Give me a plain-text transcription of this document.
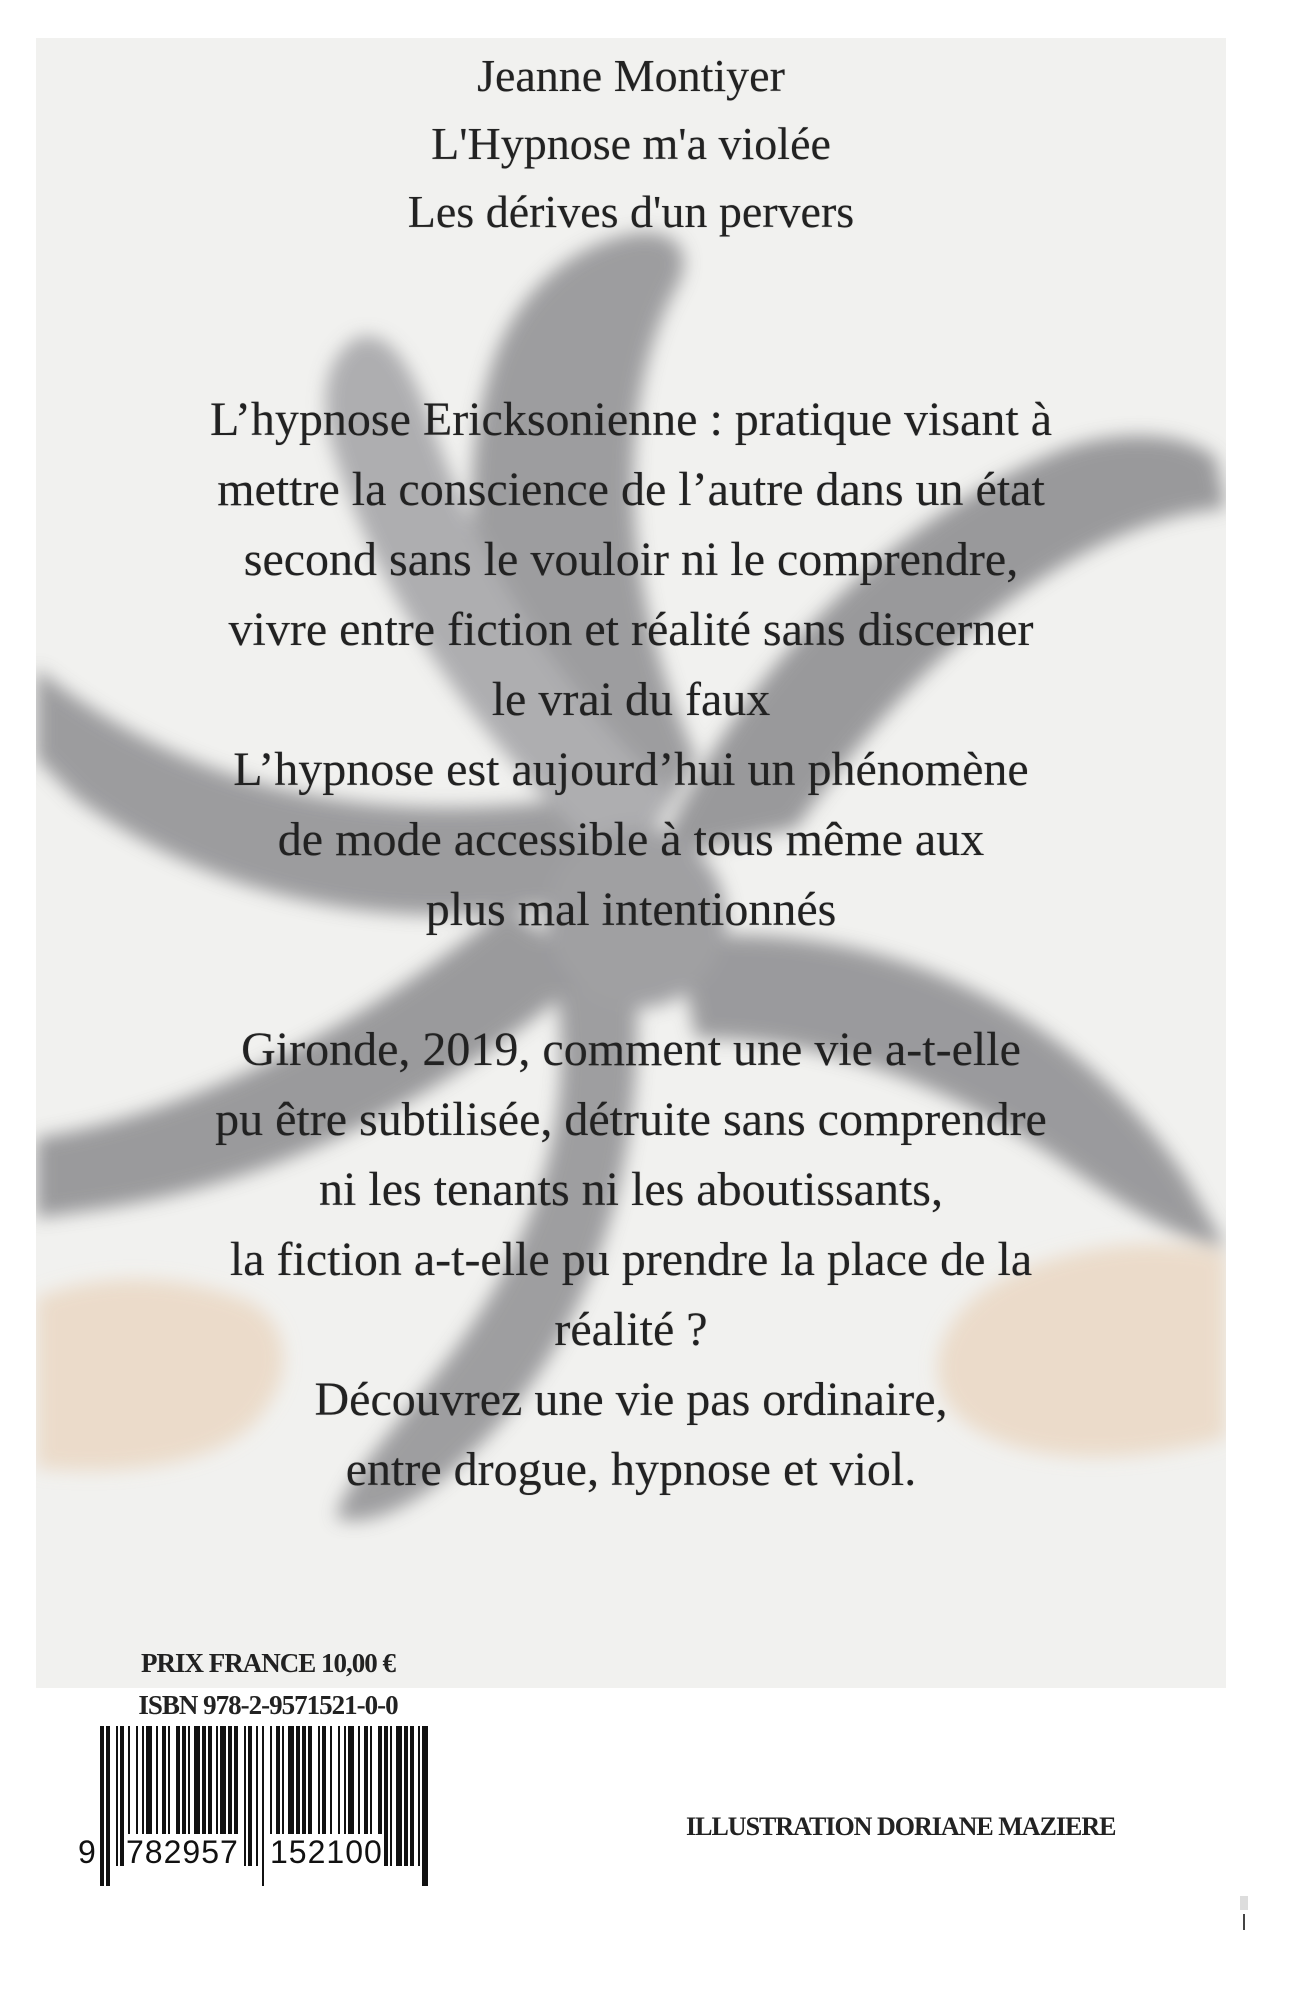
Jeanne Montiyer
L'Hypnose m'a violée
Les dérives d'un pervers
L’hypnose Ericksonienne : pratique visant à
mettre la conscience de l’autre dans un état
second sans le vouloir ni le comprendre,
vivre entre fiction et réalité sans discerner
le vrai du faux
L’hypnose est aujourd’hui un phénomène
de mode accessible à tous même aux
plus mal intentionnés
Gironde, 2019, comment une vie a-t-elle
pu être subtilisée, détruite sans comprendre
ni les tenants ni les aboutissants,
la fiction a-t-elle pu prendre la place de la
réalité ?
Découvrez une vie pas ordinaire,
entre drogue, hypnose et viol.
PRIX FRANCE 10,00 €
ISBN 978-2-9571521-0-0
9 782957 152100
ILLUSTRATION DORIANE MAZIERE
